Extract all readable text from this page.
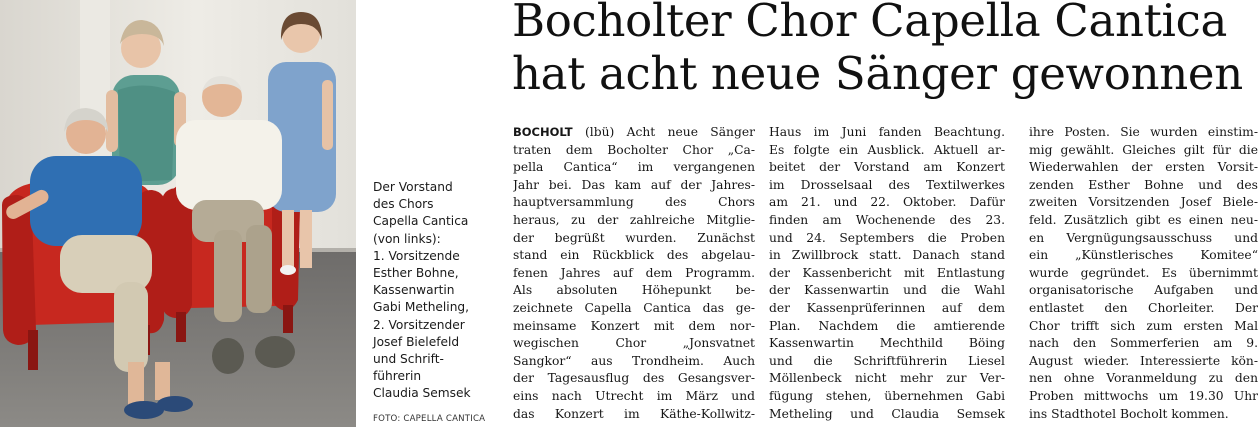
Der Vorstand
des Chors
Capella Cantica
(von links):
1. Vorsitzende
Esther Bohne,
Kassenwartin
Gabi Metheling,
2. Vorsitzender
Josef Bielefeld
und Schrift-
führerin
Claudia Semsek
FOTO: CAPELLA CANTICA
Bocholter Chor Capella Cantica
hat acht neue Sänger gewonnen
BOCHOLT (lbü) Acht neue Sänger
traten dem Bocholter Chor „Ca-
pella Cantica“ im vergangenen
Jahr bei. Das kam auf der Jahres-
hauptversammlung des Chors
heraus, zu der zahlreiche Mitglie-
der begrüßt wurden. Zunächst
stand ein Rückblick des abgelau-
fenen Jahres auf dem Programm.
Als absoluten Höhepunkt be-
zeichnete Capella Cantica das ge-
meinsame Konzert mit dem nor-
wegischen Chor „Jonsvatnet
Sangkor“ aus Trondheim. Auch
der Tagesausflug des Gesangsver-
eins nach Utrecht im März und
das Konzert im Käthe-Kollwitz-
Haus im Juni fanden Beachtung.
Es folgte ein Ausblick. Aktuell ar-
beitet der Vorstand am Konzert
im Drosselsaal des Textilwerkes
am 21. und 22. Oktober. Dafür
finden am Wochenende des 23.
und 24. Septembers die Proben
in Zwillbrock statt. Danach stand
der Kassenbericht mit Entlastung
der Kassenwartin und die Wahl
der Kassenprüferinnen auf dem
Plan. Nachdem die amtierende
Kassenwartin Mechthild Böing
und die Schriftführerin Liesel
Möllenbeck nicht mehr zur Ver-
fügung stehen, übernehmen Gabi
Metheling und Claudia Semsek
ihre Posten. Sie wurden einstim-
mig gewählt. Gleiches gilt für die
Wiederwahlen der ersten Vorsit-
zenden Esther Bohne und des
zweiten Vorsitzenden Josef Biele-
feld. Zusätzlich gibt es einen neu-
en Vergnügungsausschuss und
ein „Künstlerisches Komitee“
wurde gegründet. Es übernimmt
organisatorische Aufgaben und
entlastet den Chorleiter. Der
Chor trifft sich zum ersten Mal
nach den Sommerferien am 9.
August wieder. Interessierte kön-
nen ohne Voranmeldung zu den
Proben mittwochs um 19.30 Uhr
ins Stadthotel Bocholt kommen.
